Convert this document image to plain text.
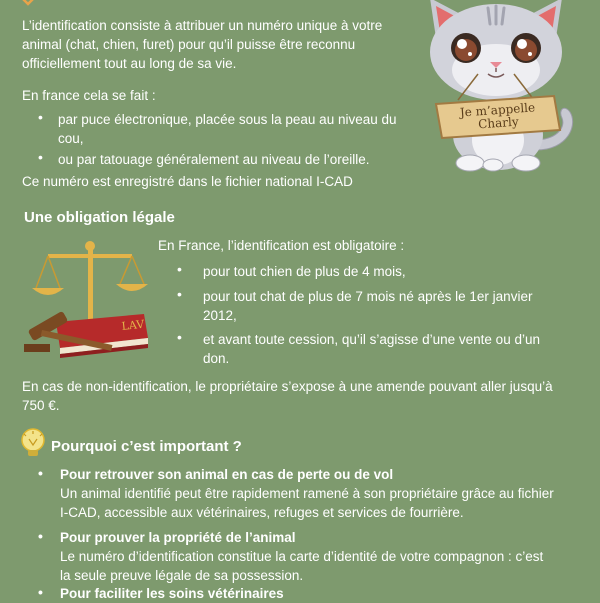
L’identification consiste à attribuer un numéro unique à votre
animal (chat, chien, furet) pour qu’il puisse être reconnu
officiellement tout au long de sa vie.
En france cela se fait :
• par puce électronique, placée sous la peau au niveau du
cou,
• ou par tatouage généralement au niveau de l’oreille.
Ce numéro est enregistré dans le fichier national I-CAD
Je m’appelle
Charly
Une obligation légale
LAV
En France, l’identification est obligatoire :
• pour tout chien de plus de 4 mois,
• pour tout chat de plus de 7 mois né après le 1er janvier
2012,
• et avant toute cession, qu’il s’agisse d’une vente ou d’un
don.
En cas de non-identification, le propriétaire s’expose à une amende pouvant aller jusqu’à
750 €.
Pourquoi c’est important ?
• Pour retrouver son animal en cas de perte ou de vol
Un animal identifié peut être rapidement ramené à son propriétaire grâce au fichier
I-CAD, accessible aux vétérinaires, refuges et services de fourrière.
• Pour prouver la propriété de l’animal
Le numéro d’identification constitue la carte d’identité de votre compagnon : c’est
la seule preuve légale de sa possession.
• Pour faciliter les soins vétérinaires
